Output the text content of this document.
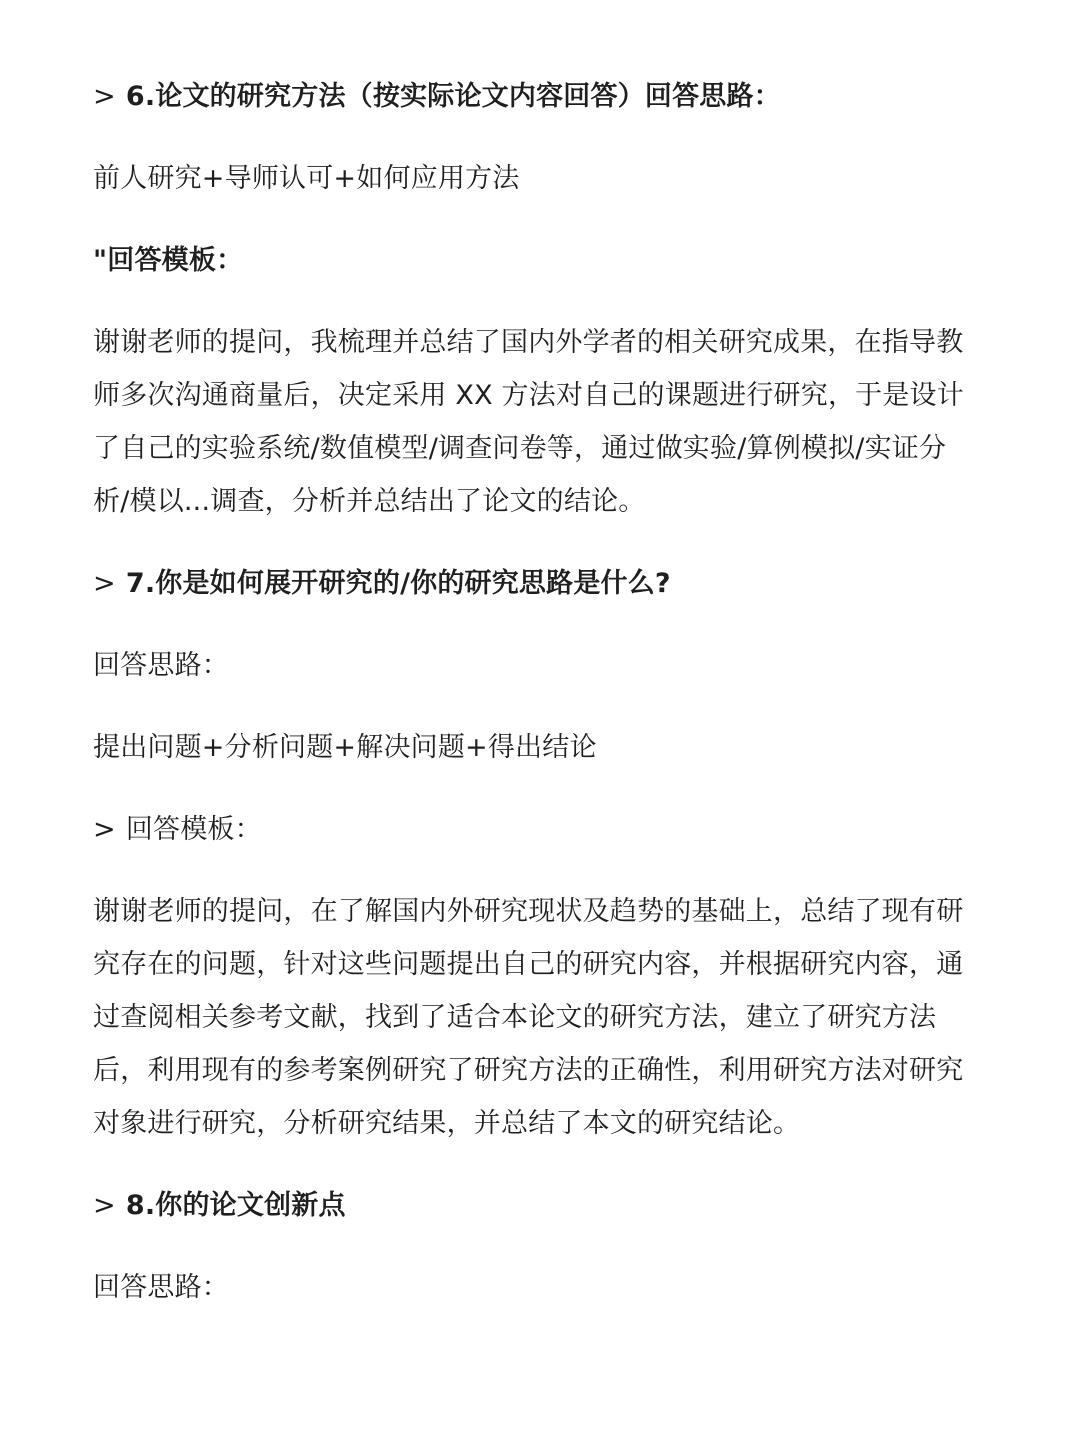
> 6.论文的研究方法（按实际论文内容回答）回答思路：

前人研究+导师认可+如何应用方法

"回答模板：

谢谢老师的提问，我梳理并总结了国内外学者的相关研究成果，在指导教
师多次沟通商量后，决定采用 XX 方法对自己的课题进行研究，于是设计
了自己的实验系统/数值模型/调查问卷等，通过做实验/算例模拟/实证分
析/模以...调查，分析并总结出了论文的结论。

> 7.你是如何展开研究的/你的研究思路是什么?

回答思路：

提出问题+分析问题+解决问题+得出结论

> 回答模板：

谢谢老师的提问，在了解国内外研究现状及趋势的基础上，总结了现有研
究存在的问题，针对这些问题提出自己的研究内容，并根据研究内容，通
过查阅相关参考文献，找到了适合本论文的研究方法，建立了研究方法
后，利用现有的参考案例研究了研究方法的正确性，利用研究方法对研究
对象进行研究，分析研究结果，并总结了本文的研究结论。

> 8.你的论文创新点

回答思路：
